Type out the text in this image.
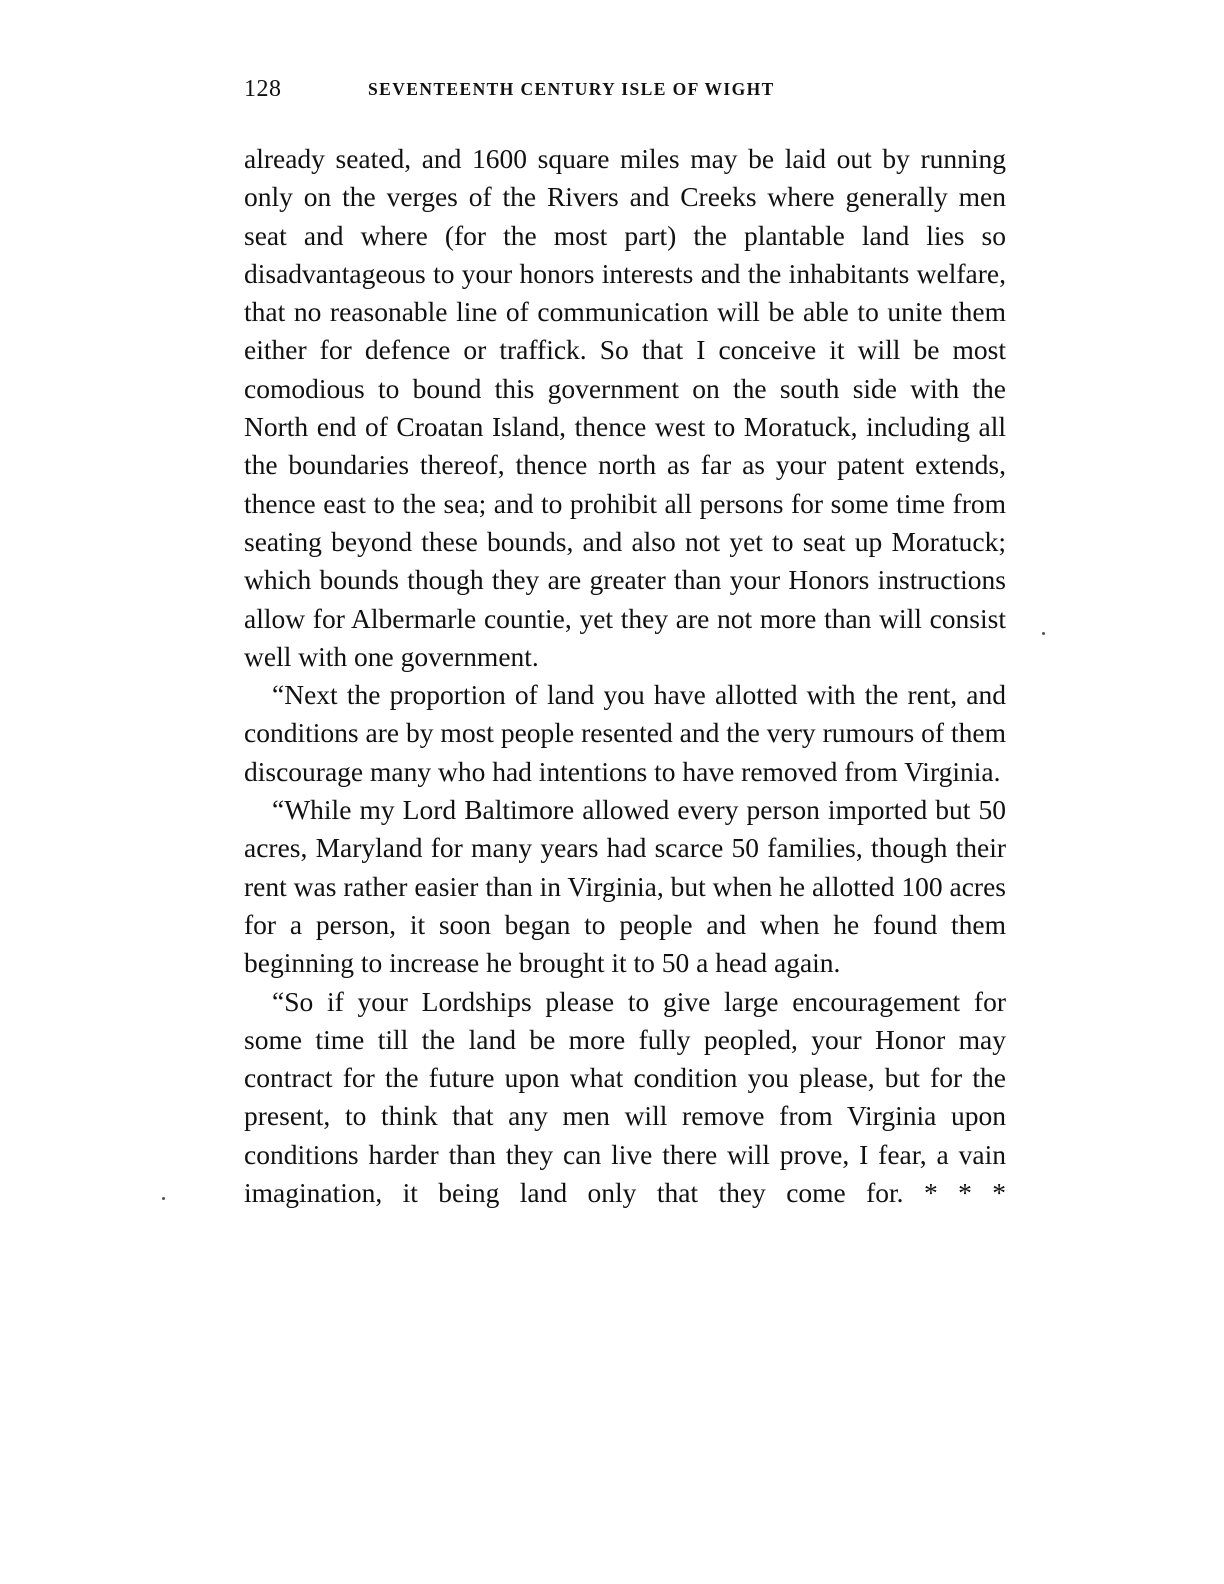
128	SEVENTEENTH CENTURY ISLE OF WIGHT

already seated, and 1600 square miles may be laid out by running only on the verges of the Rivers and Creeks where generally men seat and where (for the most part) the plantable land lies so disadvantageous to your honors interests and the inhabitants welfare, that no reasonable line of communication will be able to unite them either for defence or traffick. So that I conceive it will be most comodious to bound this government on the south side with the North end of Croatan Island, thence west to Moratuck, including all the boundaries thereof, thence north as far as your patent extends, thence east to the sea; and to prohibit all persons for some time from seating beyond these bounds, and also not yet to seat up Moratuck; which bounds though they are greater than your Honors instructions allow for Albermarle countie, yet they are not more than will consist well with one government.

“Next the proportion of land you have allotted with the rent, and conditions are by most people resented and the very rumours of them discourage many who had intentions to have removed from Virginia.

“While my Lord Baltimore allowed every person imported but 50 acres, Maryland for many years had scarce 50 families, though their rent was rather easier than in Virginia, but when he allotted 100 acres for a person, it soon began to people and when he found them beginning to increase he brought it to 50 a head again.

“So if your Lordships please to give large encouragement for some time till the land be more fully peopled, your Honor may contract for the future upon what condition you please, but for the present, to think that any men will remove from Virginia upon conditions harder than they can live there will prove, I fear, a vain imagination, it being land only that they come for. * * *
